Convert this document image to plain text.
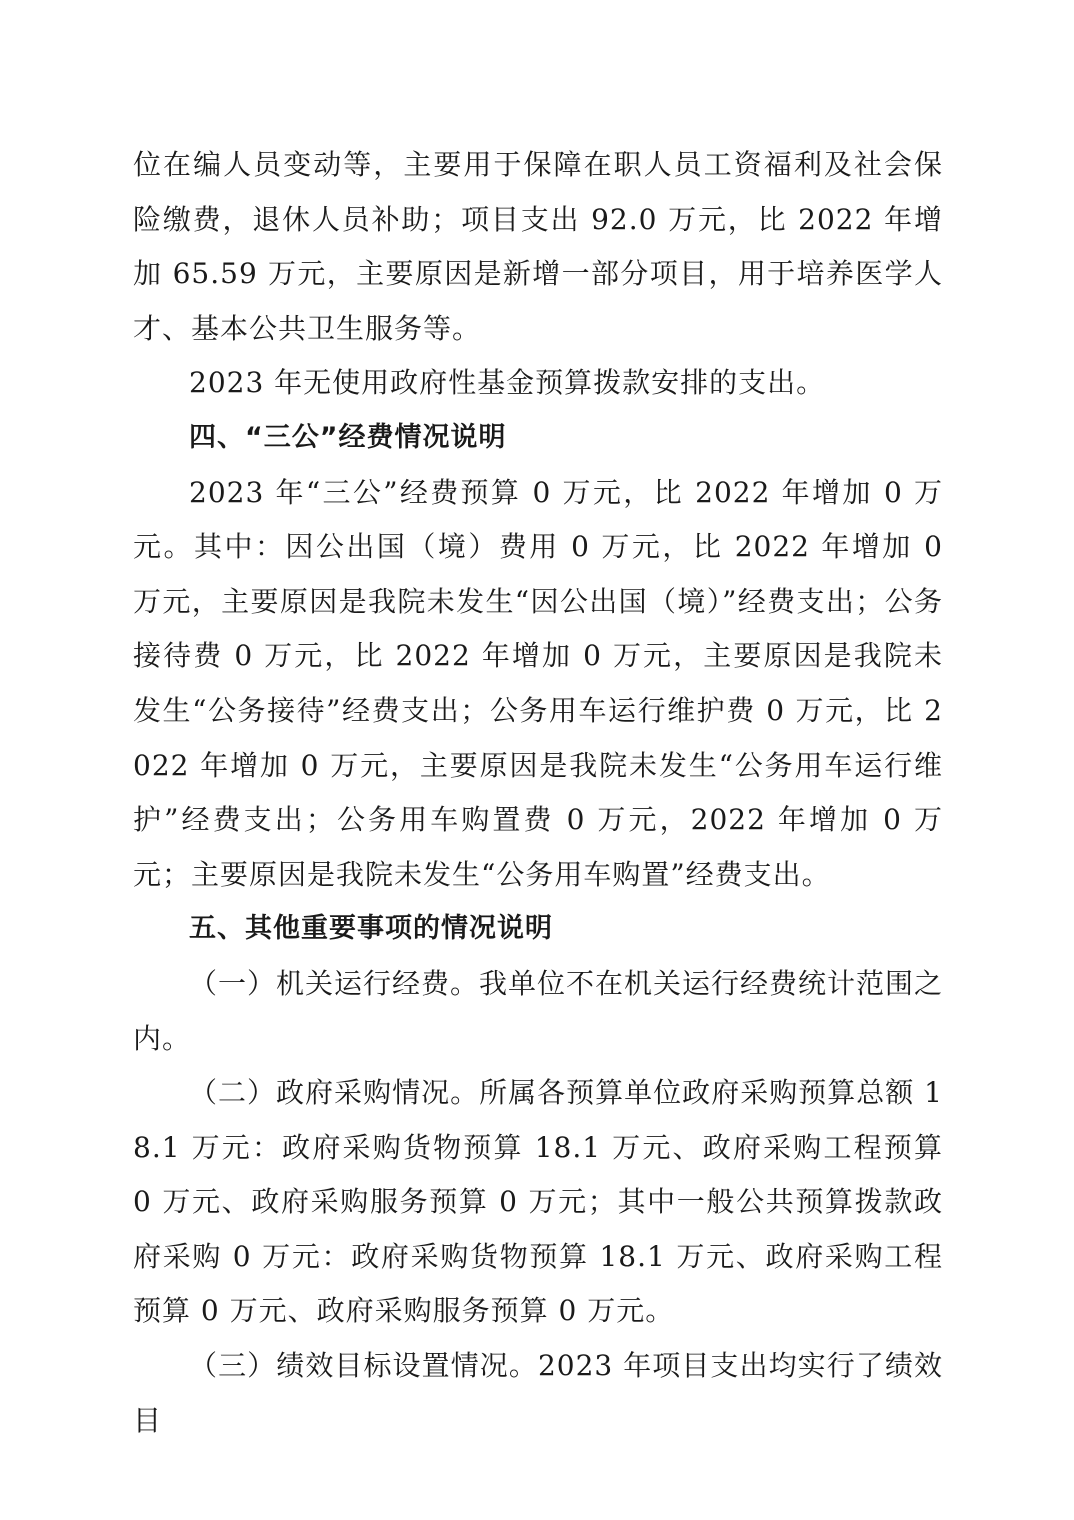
位在编人员变动等，主要用于保障在职人员工资福利及社会保险缴费，退休人员补助；项目支出 92.0 万元，比 2022 年增加 65.59 万元，主要原因是新增一部分项目，用于培养医学人才、基本公共卫生服务等。

2023 年无使用政府性基金预算拨款安排的支出。

四、“三公”经费情况说明

2023 年“三公”经费预算 0 万元，比 2022 年增加 0 万元。其中：因公出国（境）费用 0 万元，比 2022 年增加 0 万元，主要原因是我院未发生“因公出国（境）”经费支出；公务接待费 0 万元，比 2022 年增加 0 万元，主要原因是我院未发生“公务接待”经费支出；公务用车运行维护费 0 万元，比 2022 年增加 0 万元，主要原因是我院未发生“公务用车运行维护”经费支出；公务用车购置费 0 万元，2022 年增加 0 万元；主要原因是我院未发生“公务用车购置”经费支出。

五、其他重要事项的情况说明

（一）机关运行经费。我单位不在机关运行经费统计范围之内。

（二）政府采购情况。所属各预算单位政府采购预算总额 18.1 万元：政府采购货物预算 18.1 万元、政府采购工程预算 0 万元、政府采购服务预算 0 万元；其中一般公共预算拨款政府采购 0 万元：政府采购货物预算 18.1 万元、政府采购工程预算 0 万元、政府采购服务预算 0 万元。

（三）绩效目标设置情况。2023 年项目支出均实行了绩效目
